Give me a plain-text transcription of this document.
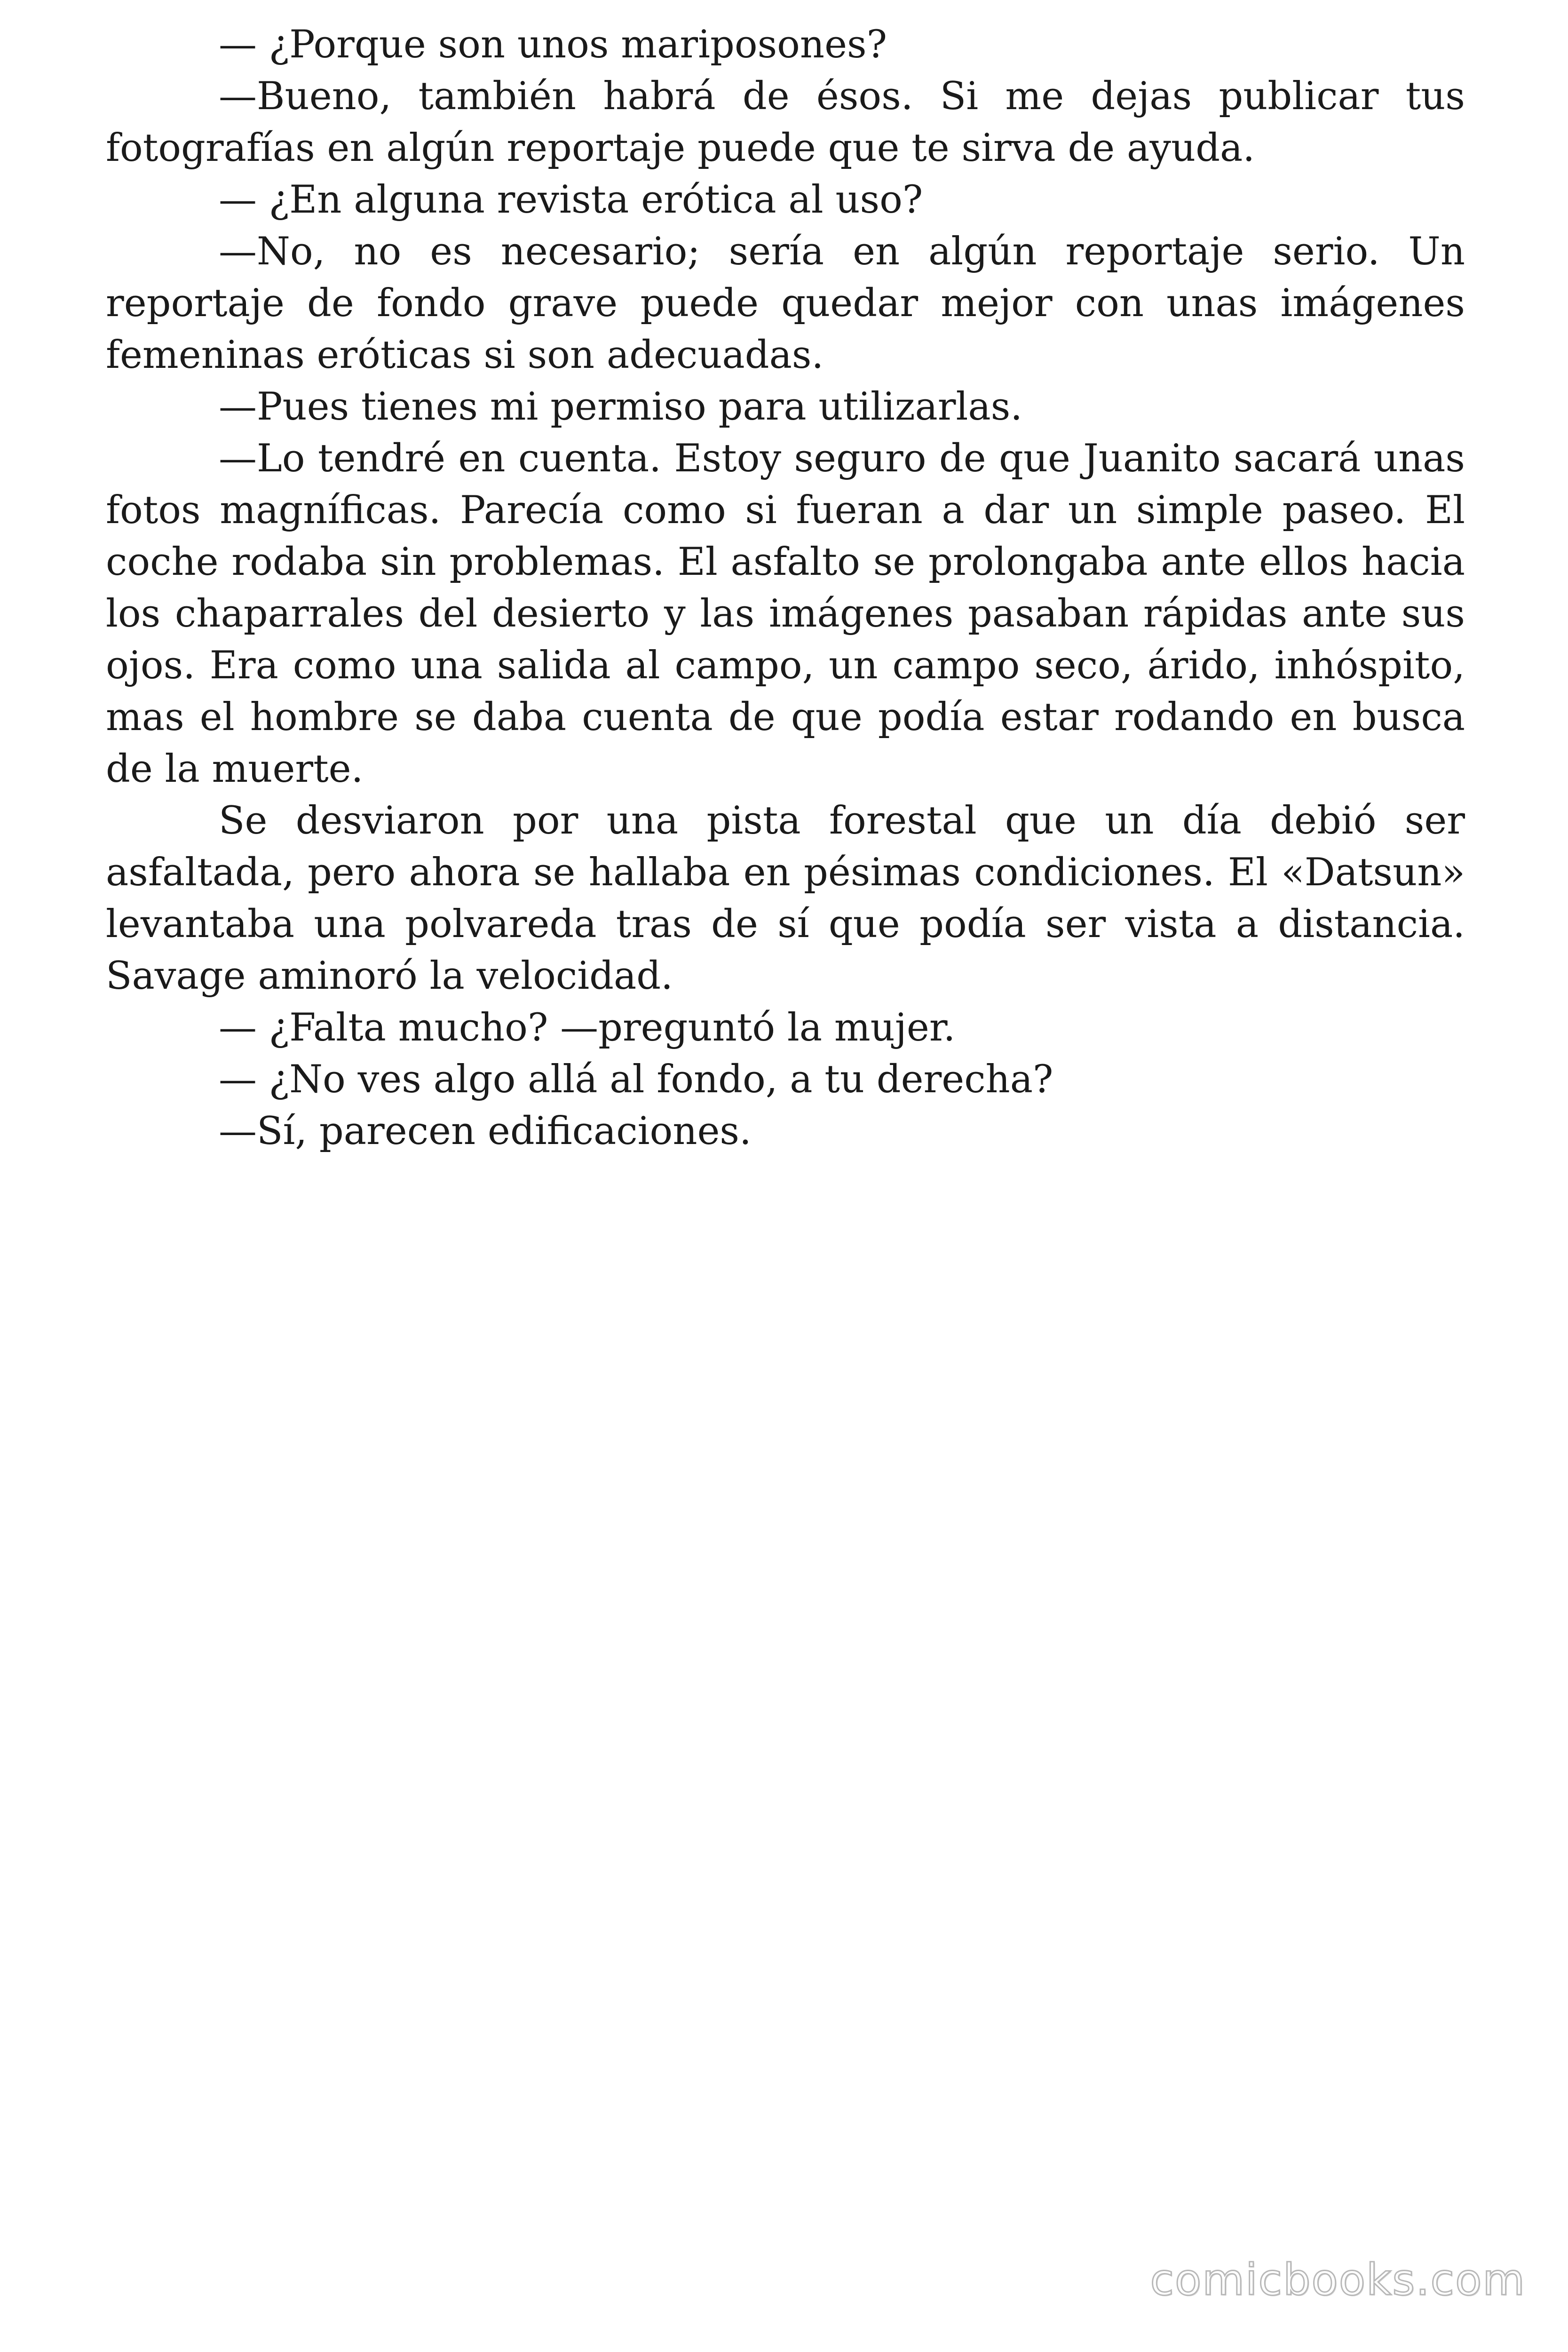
— ¿Porque son unos mariposones?

—Bueno, también habrá de ésos. Si me dejas publicar tus fotografías en algún reportaje puede que te sirva de ayuda.

— ¿En alguna revista erótica al uso?

—No, no es necesario; sería en algún reportaje serio. Un reportaje de fondo grave puede quedar mejor con unas imágenes femeninas eróticas si son adecuadas.

—Pues tienes mi permiso para utilizarlas.

—Lo tendré en cuenta. Estoy seguro de que Juanito sacará unas fotos magníficas. Parecía como si fueran a dar un simple paseo. El coche rodaba sin problemas. El asfalto se prolongaba ante ellos hacia los chaparrales del desierto y las imágenes pasaban rápidas ante sus ojos. Era como una salida al campo, un campo seco, árido, inhóspito, mas el hombre se daba cuenta de que podía estar rodando en busca de la muerte.

Se desviaron por una pista forestal que un día debió ser asfaltada, pero ahora se hallaba en pésimas condiciones. El «Datsun» levantaba una polvareda tras de sí que podía ser vista a distancia. Savage aminoró la velocidad.

— ¿Falta mucho? —preguntó la mujer.

— ¿No ves algo allá al fondo, a tu derecha?

—Sí, parecen edificaciones.

comicbooks.com
